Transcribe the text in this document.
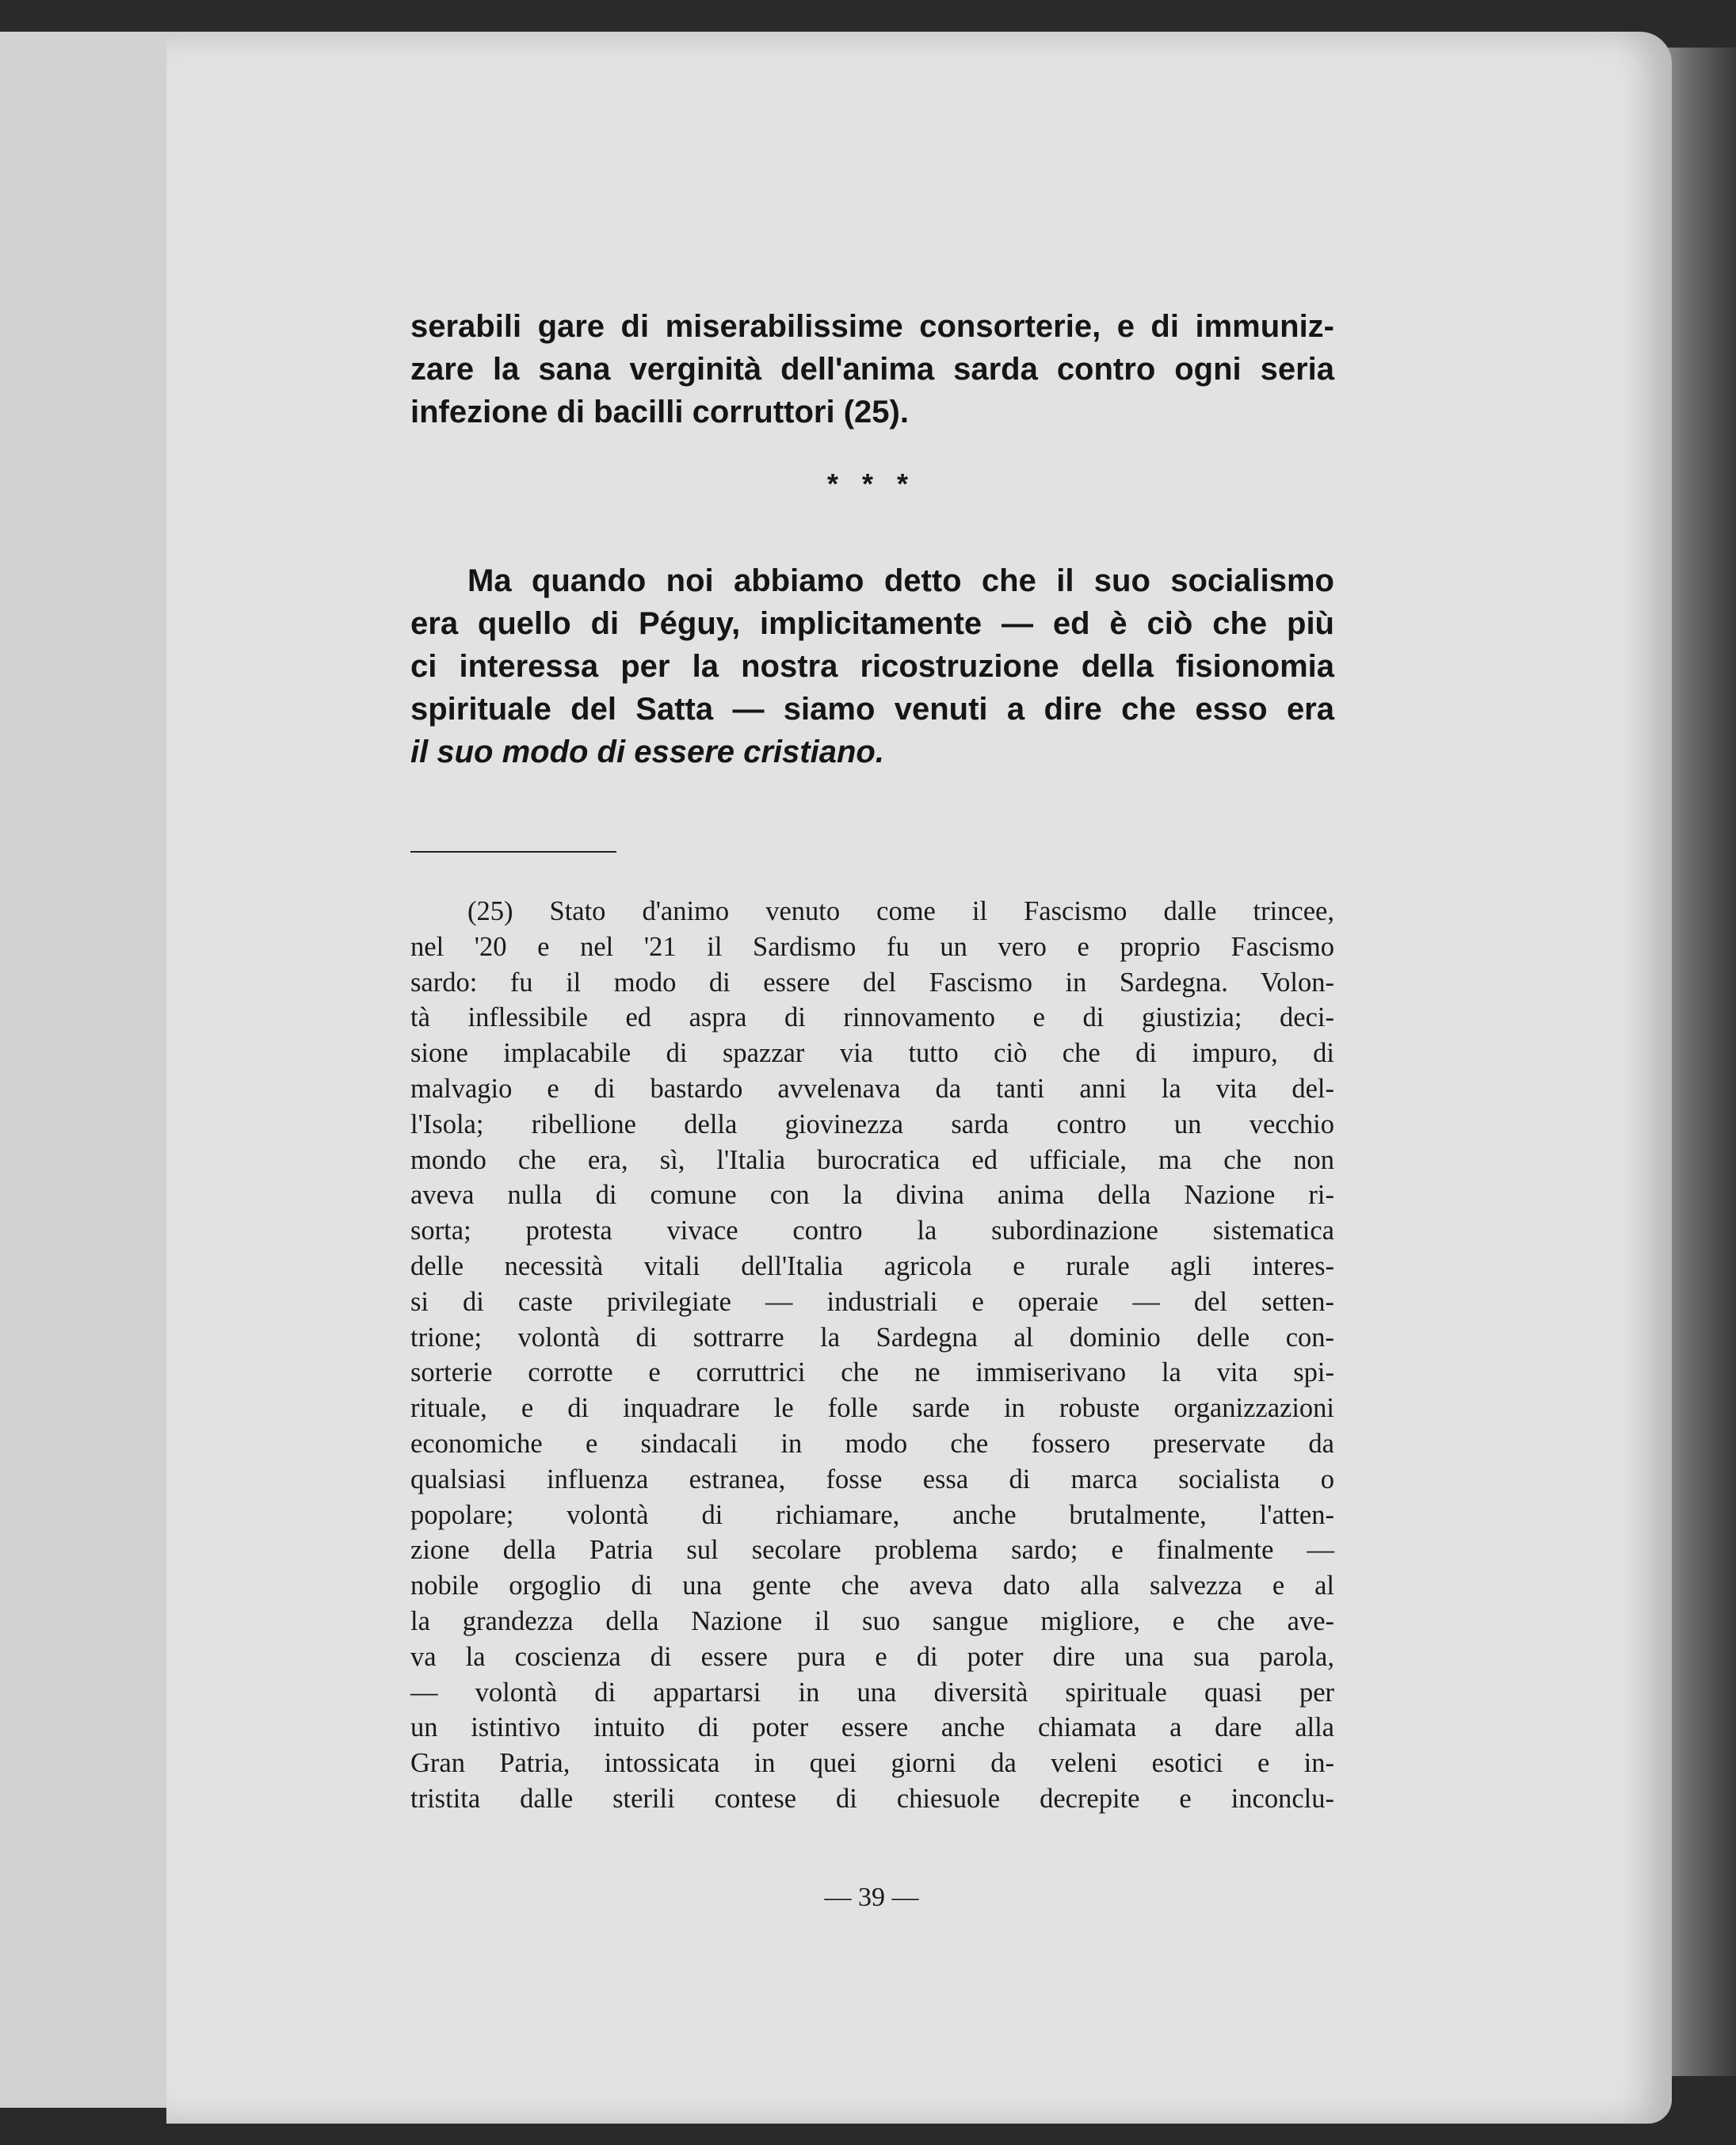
serabili gare di miserabilissime consorterie, e di immuniz-
zare la sana verginità dell'anima sarda contro ogni seria
infezione di bacilli corruttori (25).
* * *
Ma quando noi abbiamo detto che il suo socialismo
era quello di Péguy, implicitamente — ed è ciò che più
ci interessa per la nostra ricostruzione della fisionomia
spirituale del Satta — siamo venuti a dire che esso era
il suo modo di essere cristiano.
(25) Stato d'animo venuto come il Fascismo dalle trincee,
nel '20 e nel '21 il Sardismo fu un vero e proprio Fascismo
sardo: fu il modo di essere del Fascismo in Sardegna. Volon-
tà inflessibile ed aspra di rinnovamento e di giustizia; deci-
sione implacabile di spazzar via tutto ciò che di impuro, di
malvagio e di bastardo avvelenava da tanti anni la vita del-
l'Isola; ribellione della giovinezza sarda contro un vecchio
mondo che era, sì, l'Italia burocratica ed ufficiale, ma che non
aveva nulla di comune con la divina anima della Nazione ri-
sorta; protesta vivace contro la subordinazione sistematica
delle necessità vitali dell'Italia agricola e rurale agli interes-
si di caste privilegiate — industriali e operaie — del setten-
trione; volontà di sottrarre la Sardegna al dominio delle con-
sorterie corrotte e corruttrici che ne immiserivano la vita spi-
rituale, e di inquadrare le folle sarde in robuste organizzazioni
economiche e sindacali in modo che fossero preservate da
qualsiasi influenza estranea, fosse essa di marca socialista o
popolare; volontà di richiamare, anche brutalmente, l'atten-
zione della Patria sul secolare problema sardo; e finalmente —
nobile orgoglio di una gente che aveva dato alla salvezza e al
la grandezza della Nazione il suo sangue migliore, e che ave-
va la coscienza di essere pura e di poter dire una sua parola,
— volontà di appartarsi in una diversità spirituale quasi per
un istintivo intuito di poter essere anche chiamata a dare alla
Gran Patria, intossicata in quei giorni da veleni esotici e in-
tristita dalle sterili contese di chiesuole decrepite e inconclu-
— 39 —
